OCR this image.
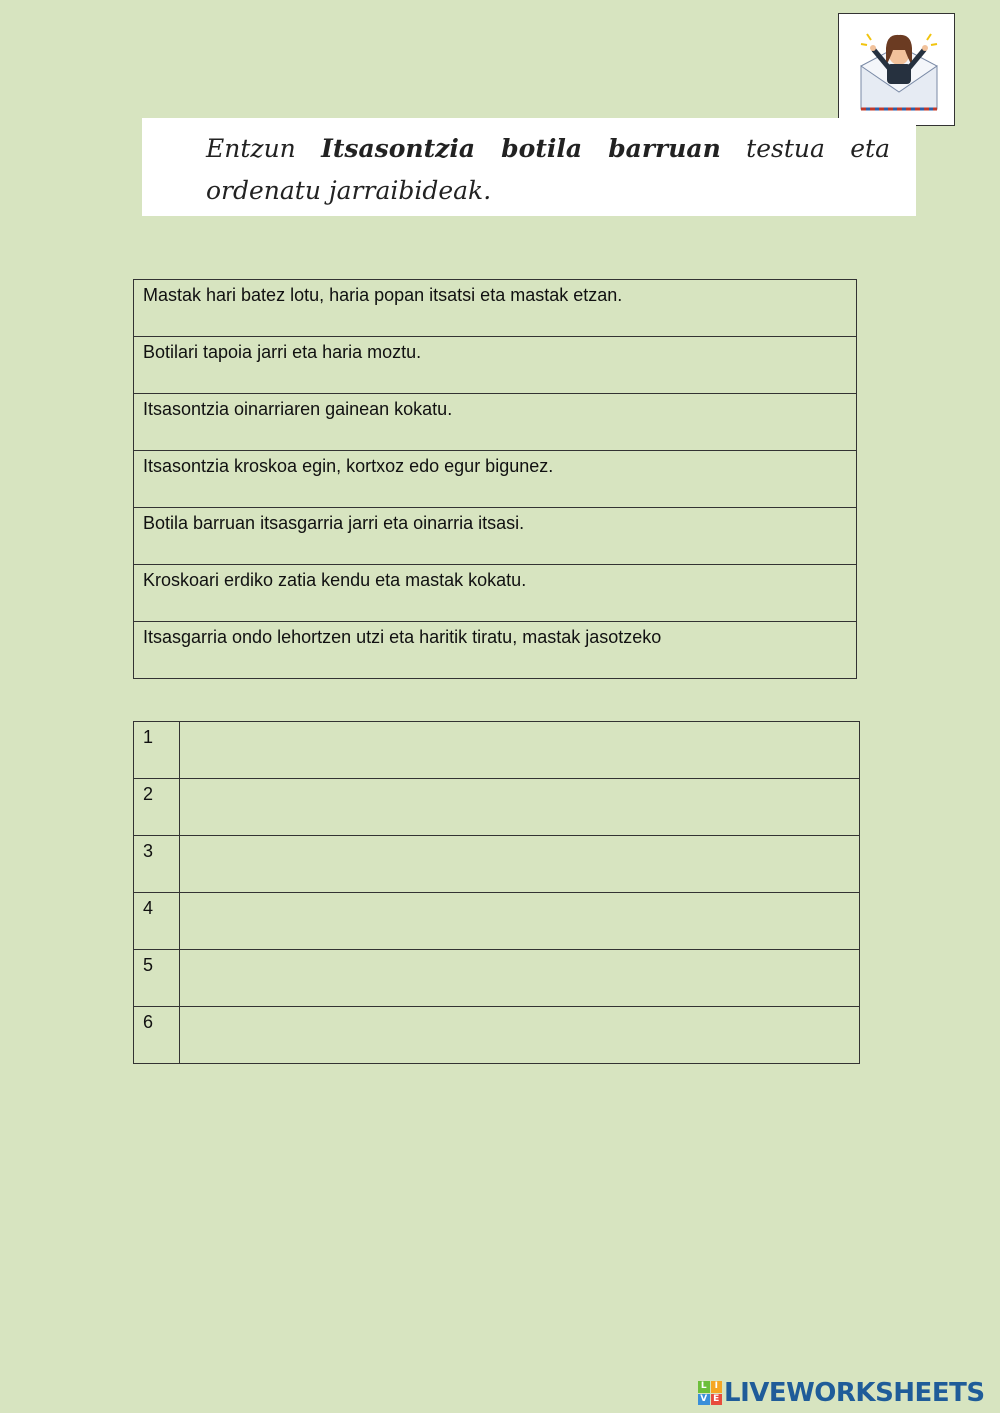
Entzun Itsasontzia botila barruan testua eta ordenatu jarraibideak.
Mastak hari batez lotu, haria popan itsatsi eta mastak etzan.
Botilari tapoia jarri eta haria moztu.
Itsasontzia oinarriaren gainean kokatu.
Itsasontzia kroskoa egin, kortxoz edo egur bigunez.
Botila barruan itsasgarria jarri eta oinarria itsasi.
Kroskoari erdiko zatia kendu eta mastak kokatu.
Itsasgarria ondo lehortzen utzi eta haritik tiratu, mastak jasotzeko
1	
2	
3	
4	
5	
6	
L I
V E LIVEWORKSHEETS
